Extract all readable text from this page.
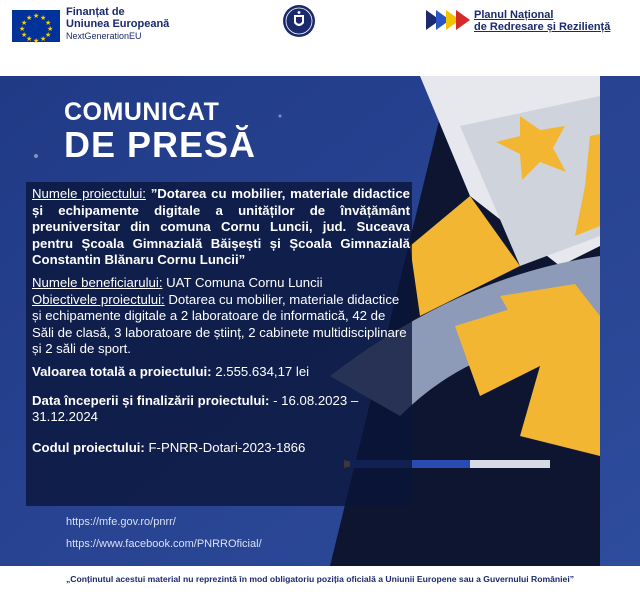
★ ★
★
★
★
★
★
★
★
★
★
★	Finanțat de
Uniunea Europeană
NextGenerationEU
Planul Național
de Redresare și Reziliență
COMUNICAT
DE PRESĂ

Numele proiectului: ”Dotarea cu mobilier, materiale didactice și echipamente digitale a unităților de învățământ preuniversitar din comuna Cornu Luncii, jud. Suceava pentru Școala Gimnazială Băișești și Școala Gimnazială Constantin Blănaru Cornu Luncii”

Numele beneficiarului: UAT Comuna Cornu Luncii

Obiectivele proiectului: Dotarea cu mobilier, materiale didactice și echipamente digitale a 2 laboratoare de informatică, 42 de Săli de clasă, 3 laboratoare de științ, 2 cabinete multidisciplinare și 2 săli de sport.

Valoarea totală a proiectului: 2.555.634,17 lei

Data începerii și finalizării proiectului: - 16.08.2023 – 31.12.2024

Codul proiectului: F-PNRR-Dotari-2023-1866

https://mfe.gov.ro/pnrr/
https://www.facebook.com/PNRROficial/
„Conținutul acestui material nu reprezintă în mod obligatoriu poziția oficială a Uniunii Europene sau a Guvernului României”
